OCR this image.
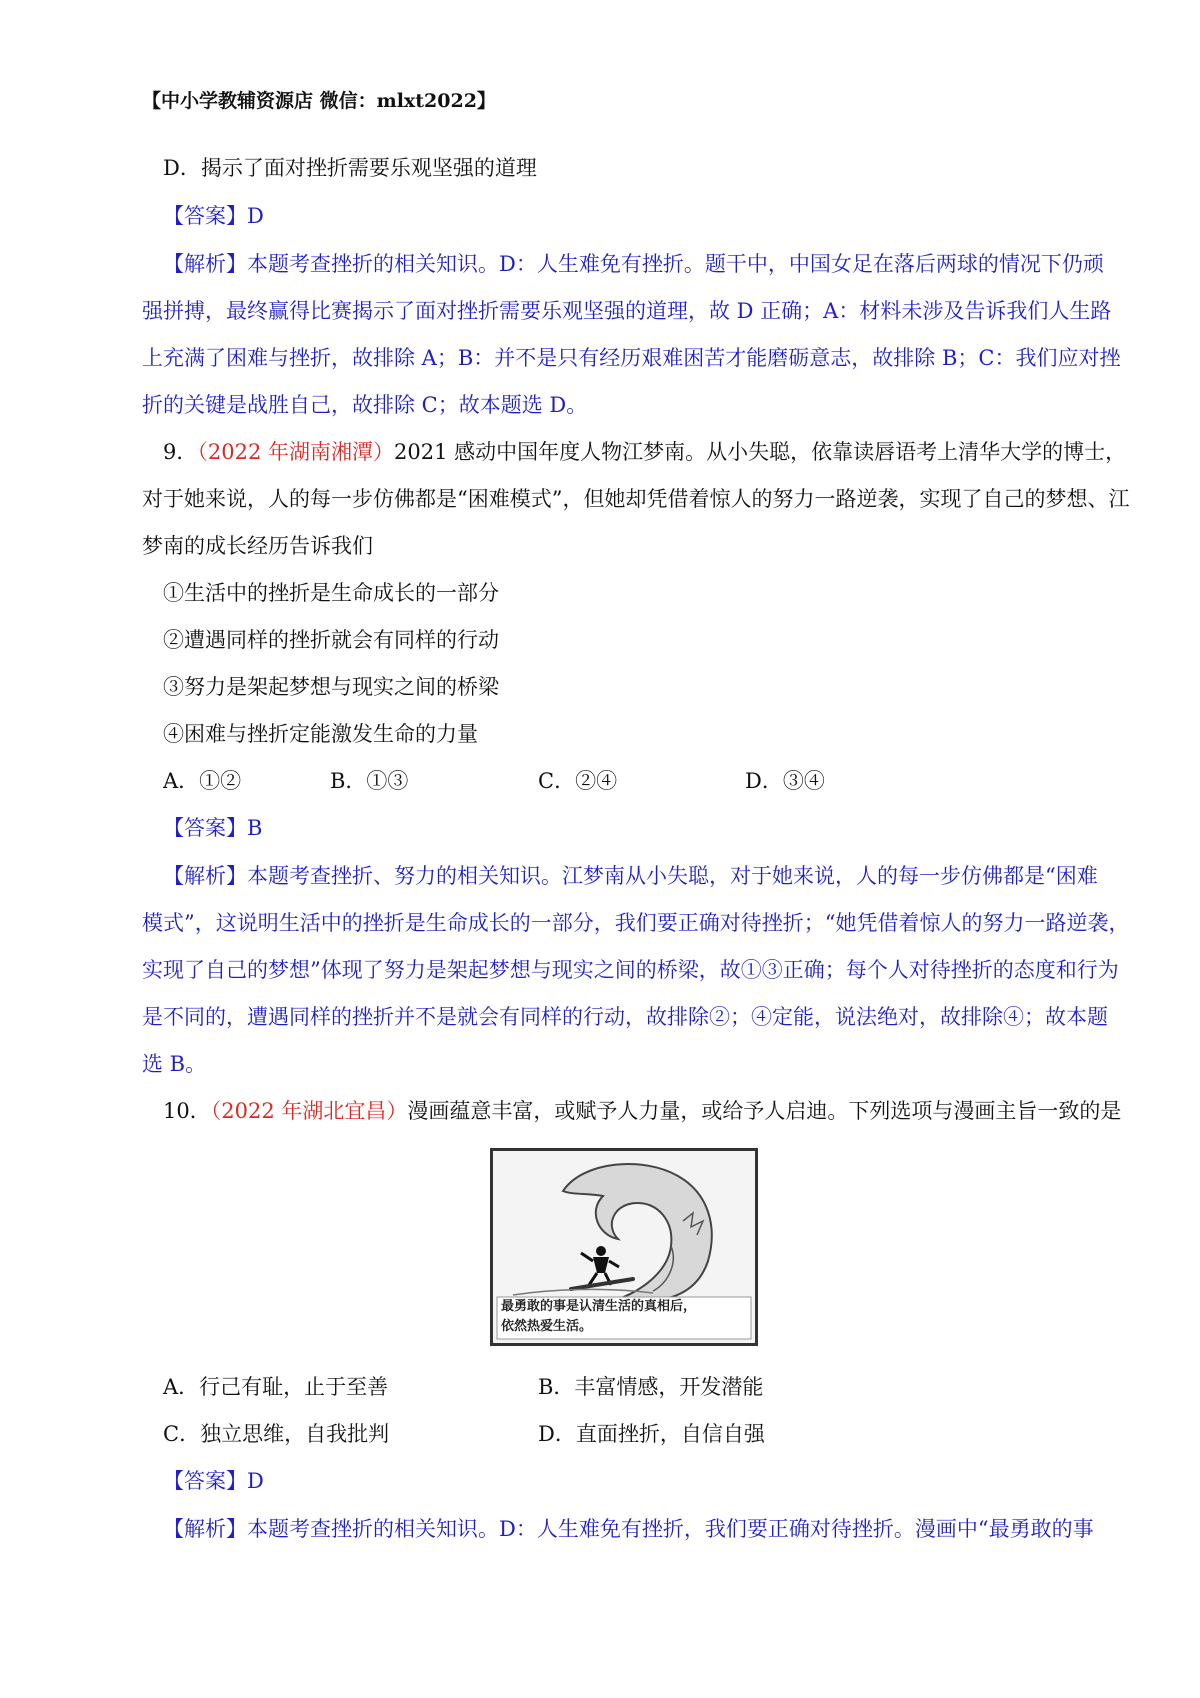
【中小学教辅资源店 微信：mlxt2022】
D．揭示了面对挫折需要乐观坚强的道理
【答案】D
【解析】本题考查挫折的相关知识。D：人生难免有挫折。题干中，中国女足在落后两球的情况下仍顽
强拼搏，最终赢得比赛揭示了面对挫折需要乐观坚强的道理，故 D 正确；A：材料未涉及告诉我们人生路
上充满了困难与挫折，故排除 A；B：并不是只有经历艰难困苦才能磨砺意志，故排除 B；C：我们应对挫
折的关键是战胜自己，故排除 C；故本题选 D。
9．（2022 年湖南湘潭）2021 感动中国年度人物江梦南。从小失聪，依靠读唇语考上清华大学的博士，
对于她来说，人的每一步仿佛都是“困难模式”，但她却凭借着惊人的努力一路逆袭，实现了自己的梦想、江
梦南的成长经历告诉我们
①生活中的挫折是生命成长的一部分
②遭遇同样的挫折就会有同样的行动
③努力是架起梦想与现实之间的桥梁
④困难与挫折定能激发生命的力量
A．①②	B．①③	C．②④	D．③④
【答案】B
【解析】本题考查挫折、努力的相关知识。江梦南从小失聪，对于她来说，人的每一步仿佛都是“困难
模式”，这说明生活中的挫折是生命成长的一部分，我们要正确对待挫折；“她凭借着惊人的努力一路逆袭，
实现了自己的梦想”体现了努力是架起梦想与现实之间的桥梁，故①③正确；每个人对待挫折的态度和行为
是不同的，遭遇同样的挫折并不是就会有同样的行动，故排除②；④定能，说法绝对，故排除④；故本题
选 B。
10．（2022 年湖北宜昌）漫画蕴意丰富，或赋予人力量，或给予人启迪。下列选项与漫画主旨一致的是
最勇敢的事是认清生活的真相后，
依然热爱生活。
A．行己有耻，止于至善	B．丰富情感，开发潜能
C．独立思维，自我批判	D．直面挫折，自信自强
【答案】D
【解析】本题考查挫折的相关知识。D：人生难免有挫折，我们要正确对待挫折。漫画中“最勇敢的事
